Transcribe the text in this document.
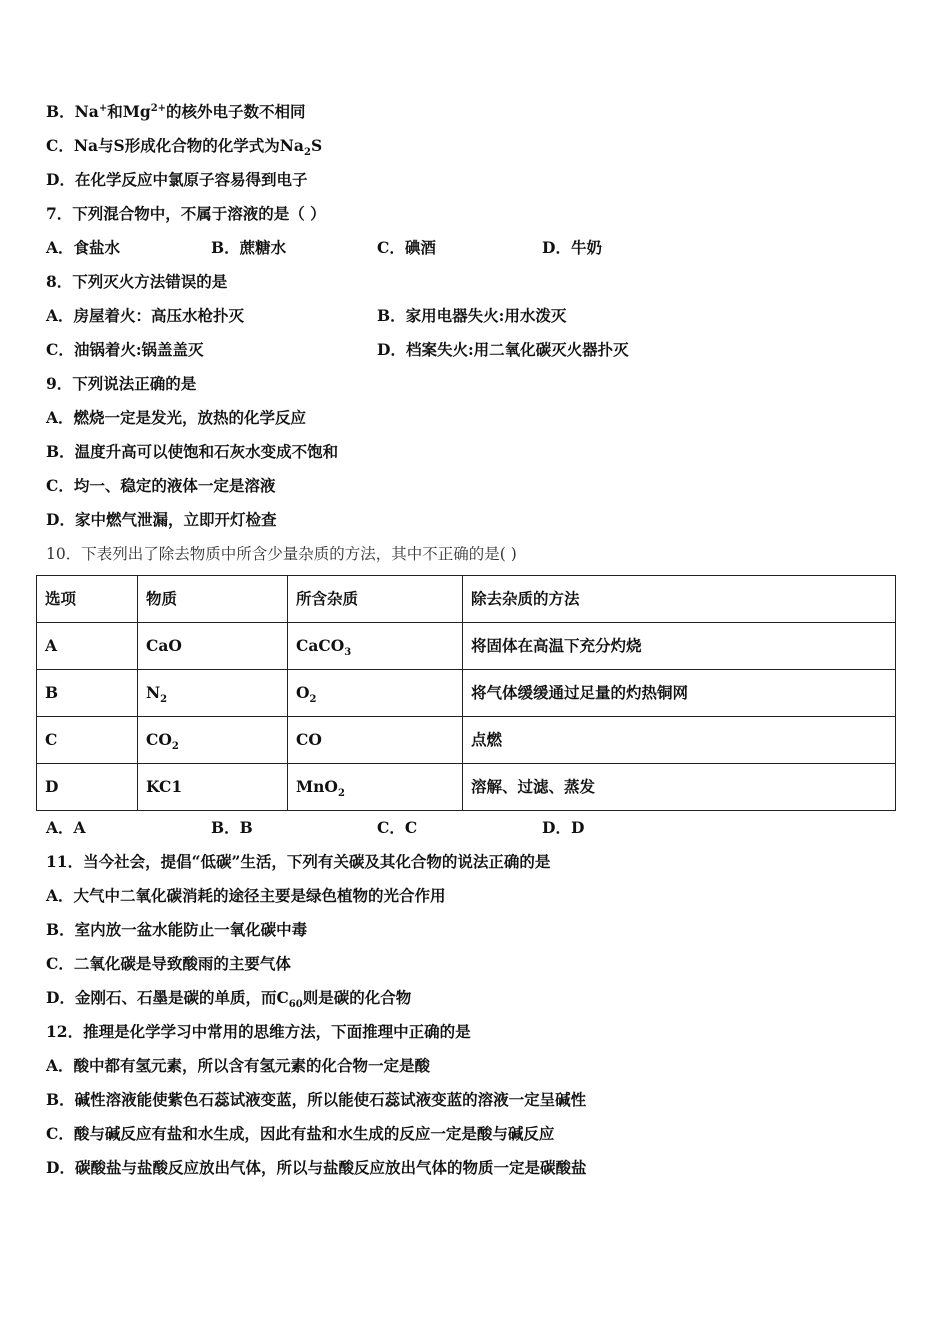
B．Na+和$Mg^{2+}$的核外电子数不相同
C．Na与S形成化合物的化学式为$Na_2S$
D．在化学反应中氯原子容易得到电子
7．下列混合物中，不属于溶液的是（ ）
A．食盐水	B．蔗糖水	C．碘酒	D．牛奶
8．下列灭火方法错误的是
A．房屋着火：高压水枪扑灭	B．家用电器失火:用水泼灭
C．油锅着火:锅盖盖灭	D．档案失火:用二氧化碳灭火器扑灭
9．下列说法正确的是
A．燃烧一定是发光，放热的化学反应
B．温度升高可以使饱和石灰水变成不饱和
C．均一、稳定的液体一定是溶液
D．家中燃气泄漏，立即开灯检查
10．下表列出了除去物质中所含少量杂质的方法，其中不正确的是( )
选项	物质	所含杂质	除去杂质的方法
A	CaO	CaCO$_3$	将固体在高温下充分灼烧
B	$N_2$	$O_2$	将气体缓缓通过足量的灼热铜网
C	$CO_2$	CO	点燃
D	KC1	MnO$_2$	溶解、过滤、蒸发
A．A	B．B	C．C	D．D
11．当今社会，提倡“低碳”生活，下列有关碳及其化合物的说法正确的是
A．大气中二氧化碳消耗的途径主要是绿色植物的光合作用
B．室内放一盆水能防止一氧化碳中毒
C．二氧化碳是导致酸雨的主要气体
D．金刚石、石墨是碳的单质，而$C_{60}$则是碳的化合物
12．推理是化学学习中常用的思维方法，下面推理中正确的是
A．酸中都有氢元素，所以含有氢元素的化合物一定是酸
B．碱性溶液能使紫色石蕊试液变蓝，所以能使石蕊试液变蓝的溶液一定呈碱性
C．酸与碱反应有盐和水生成，因此有盐和水生成的反应一定是酸与碱反应
D．碳酸盐与盐酸反应放出气体，所以与盐酸反应放出气体的物质一定是碳酸盐
